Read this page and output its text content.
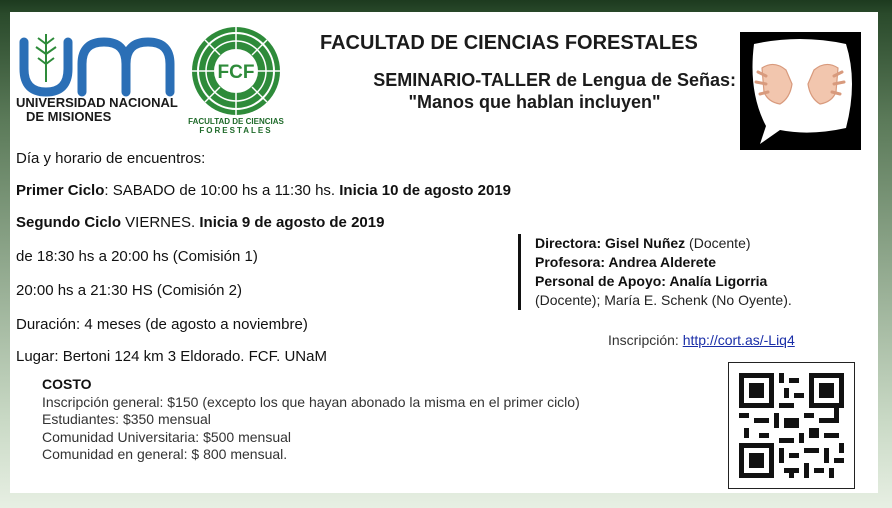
UNIVERSIDAD NACIONAL
DE MISIONES
FCF
FACULTAD DE CIENCIAS
FORESTALES
FACULTAD DE CIENCIAS FORESTALES
SEMINARIO-TALLER de Lengua de Señas:
"Manos que hablan incluyen"
Día y horario de encuentros:
Primer Ciclo: SABADO de 10:00 hs a 11:30 hs. Inicia 10 de agosto 2019
Segundo Ciclo VIERNES. Inicia 9 de agosto de 2019
de 18:30 hs a 20:00 hs (Comisión 1)
20:00 hs a 21:30 HS (Comisión 2)
Duración: 4 meses (de agosto a noviembre)
Lugar: Bertoni 124 km 3 Eldorado. FCF. UNaM
Directora: Gisel Nuñez (Docente)
Profesora: Andrea Alderete
Personal de Apoyo: Analía Ligorria
(Docente); María E. Schenk (No Oyente).
Inscripción: http://cort.as/-Liq4
COSTO
Inscripción general: $150 (excepto los que hayan abonado la misma en el primer ciclo)
Estudiantes: $350 mensual
Comunidad Universitaria: $500 mensual
Comunidad en general: $ 800 mensual.
